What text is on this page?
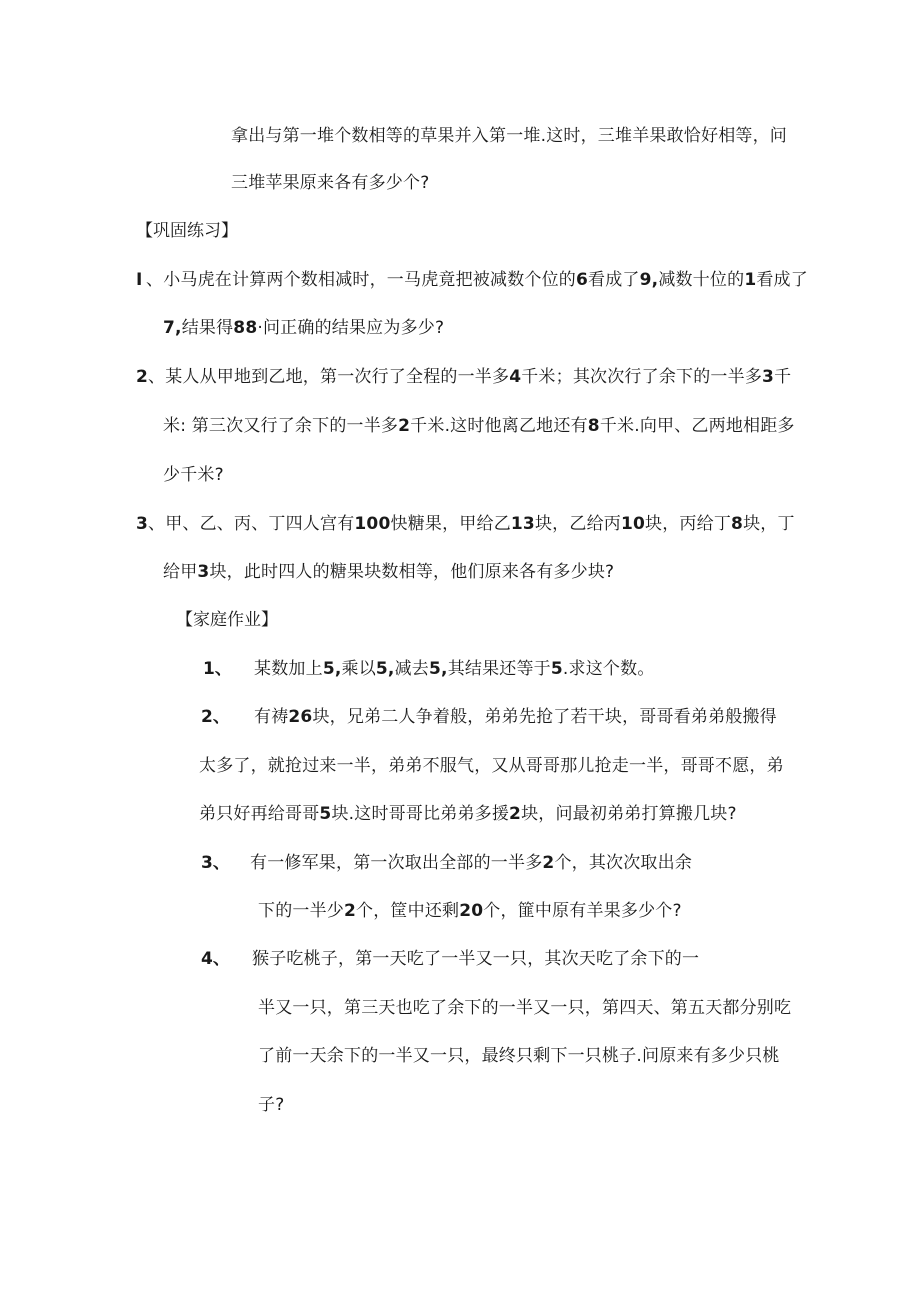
拿出与第一堆个数相等的草果并入第一堆.这时，三堆羊果敢恰好相等，问
三堆苹果原来各有多少个?
【巩固练习】
I 、小马虎在计算两个数相减时，一马虎竟把被减数个位的6看成了9,减数十位的1看成了
7,结果得88·问正确的结果应为多少?
2 、某人从甲地到乙地，第一次行了全程的一半多4千米；其次次行了余下的一半多3千
米: 第三次又行了余下的一半多2千米.这时他离乙地还有8千米.向甲、乙两地相距多
少千米?
3 、甲、乙、丙、丁四人宫有100快糖果，甲给乙13块，乙给丙10块，丙给丁8块，丁
给甲3块，此时四人的糖果块数相等，他们原来各有多少块?
【家庭作业】
1、 某数加上5,乘以5,减去5,其结果还等于5.求这个数。
2、 有祷26块，兄弟二人争着般，弟弟先抢了若干块，哥哥看弟弟般搬得
太多了，就抢过来一半，弟弟不服气，又从哥哥那儿抢走一半，哥哥不愿，弟
弟只好再给哥哥5块.这时哥哥比弟弟多援2块，问最初弟弟打算搬几块?
3、 有一修军果，第一次取出全部的一半多2个，其次次取出余
下的一半少2个，筐中还剩20个，篚中原有羊果多少个?
4、 猴子吃桃子，第一天吃了一半又一只，其次天吃了余下的一
半又一只，第三天也吃了余下的一半又一只，第四天、第五天都分别吃
了前一天余下的一半又一只，最终只剩下一只桃子.问原来有多少只桃
子?
